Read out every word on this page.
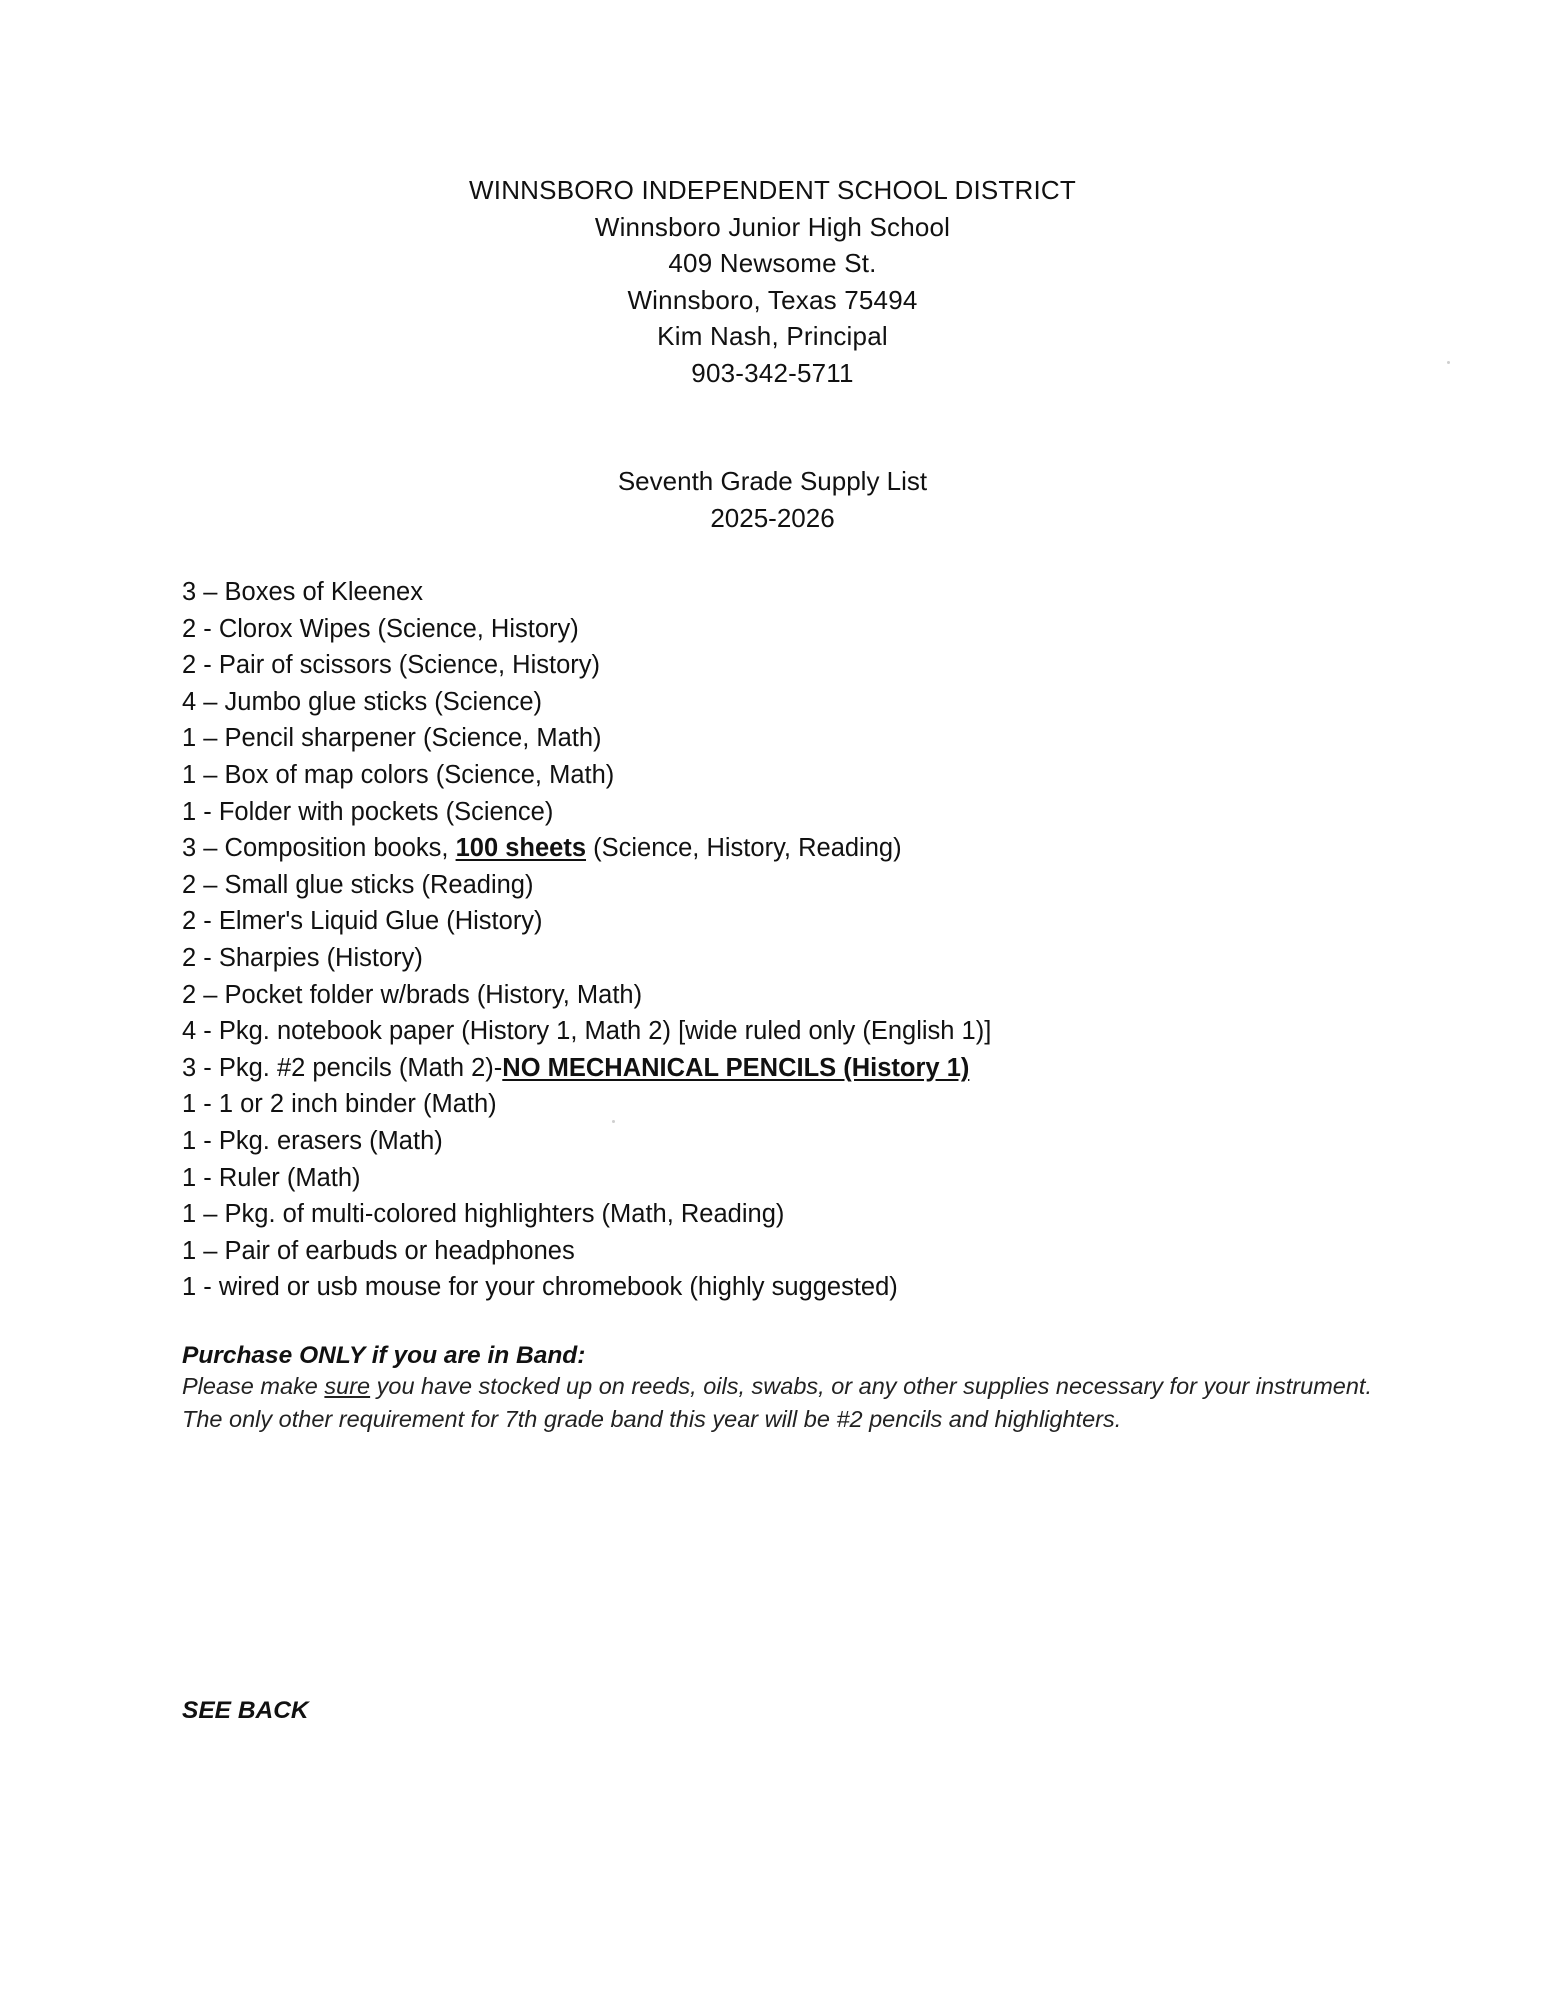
WINNSBORO INDEPENDENT SCHOOL DISTRICT
Winnsboro Junior High School
409 Newsome St.
Winnsboro, Texas 75494
Kim Nash, Principal
903-342-5711
Seventh Grade Supply List
2025-2026
3 – Boxes of Kleenex
2 - Clorox Wipes (Science, History)
2 - Pair of scissors (Science, History)
4 – Jumbo glue sticks (Science)
1 – Pencil sharpener (Science, Math)
1 – Box of map colors (Science, Math)
1 - Folder with pockets (Science)
3 – Composition books, 100 sheets (Science, History, Reading)
2 – Small glue sticks (Reading)
2 - Elmer's Liquid Glue (History)
2 - Sharpies (History)
2 – Pocket folder w/brads (History, Math)
4 - Pkg. notebook paper (History 1, Math 2) [wide ruled only (English 1)]
3 - Pkg. #2 pencils (Math 2)-NO MECHANICAL PENCILS (History 1)
1 - 1 or 2 inch binder (Math)
1 - Pkg. erasers (Math)
1 - Ruler (Math)
1 – Pkg. of multi-colored highlighters (Math, Reading)
1 – Pair of earbuds or headphones
1 - wired or usb mouse for your chromebook (highly suggested)
Purchase ONLY if you are in Band:
Please make sure you have stocked up on reeds, oils, swabs, or any other supplies necessary for your instrument. The only other requirement for 7th grade band this year will be #2 pencils and highlighters.
SEE BACK
